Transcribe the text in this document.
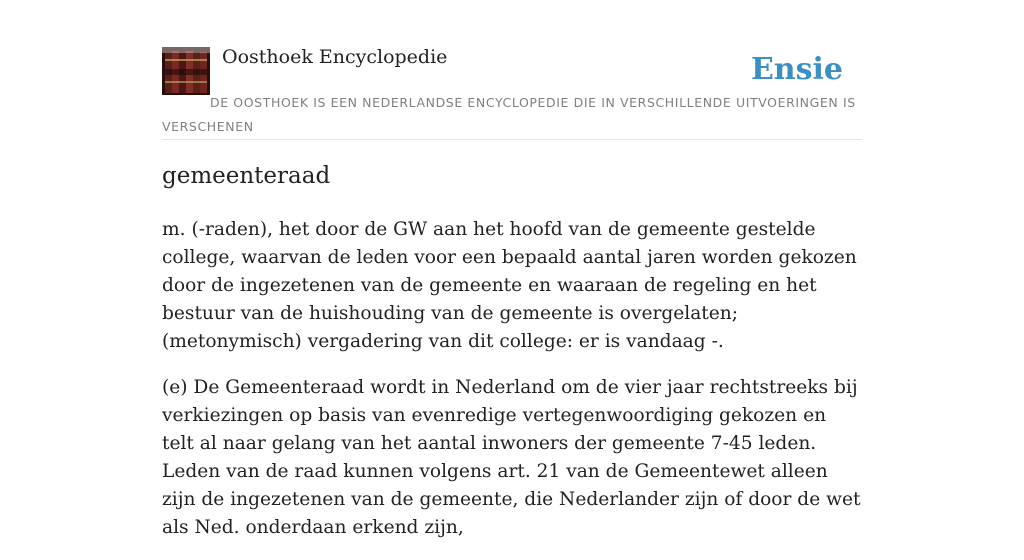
Oosthoek Encyclopedie	Ensie
DE OOSTHOEK IS EEN NEDERLANDSE ENCYCLOPEDIE DIE IN VERSCHILLENDE UITVOERINGEN IS VERSCHENEN
gemeenteraad

m. (-raden), het door de GW aan het hoofd van de gemeente gestelde college, waarvan de leden voor een bepaald aantal jaren worden gekozen door de ingezetenen van de gemeente en waaraan de regeling en het bestuur van de huishouding van de gemeente is overgelaten; (metonymisch) vergadering van dit college: er is vandaag -.

(e) De Gemeenteraad wordt in Nederland om de vier jaar rechtstreeks bij verkiezingen op basis van evenredige vertegenwoordiging gekozen en telt al naar gelang van het aantal inwoners der gemeente 7-45 leden. Leden van de raad kunnen volgens art. 21 van de Gemeentewet alleen zijn de ingezetenen van de gemeente, die Nederlander zijn of door de wet als Ned. onderdaan erkend zijn,
